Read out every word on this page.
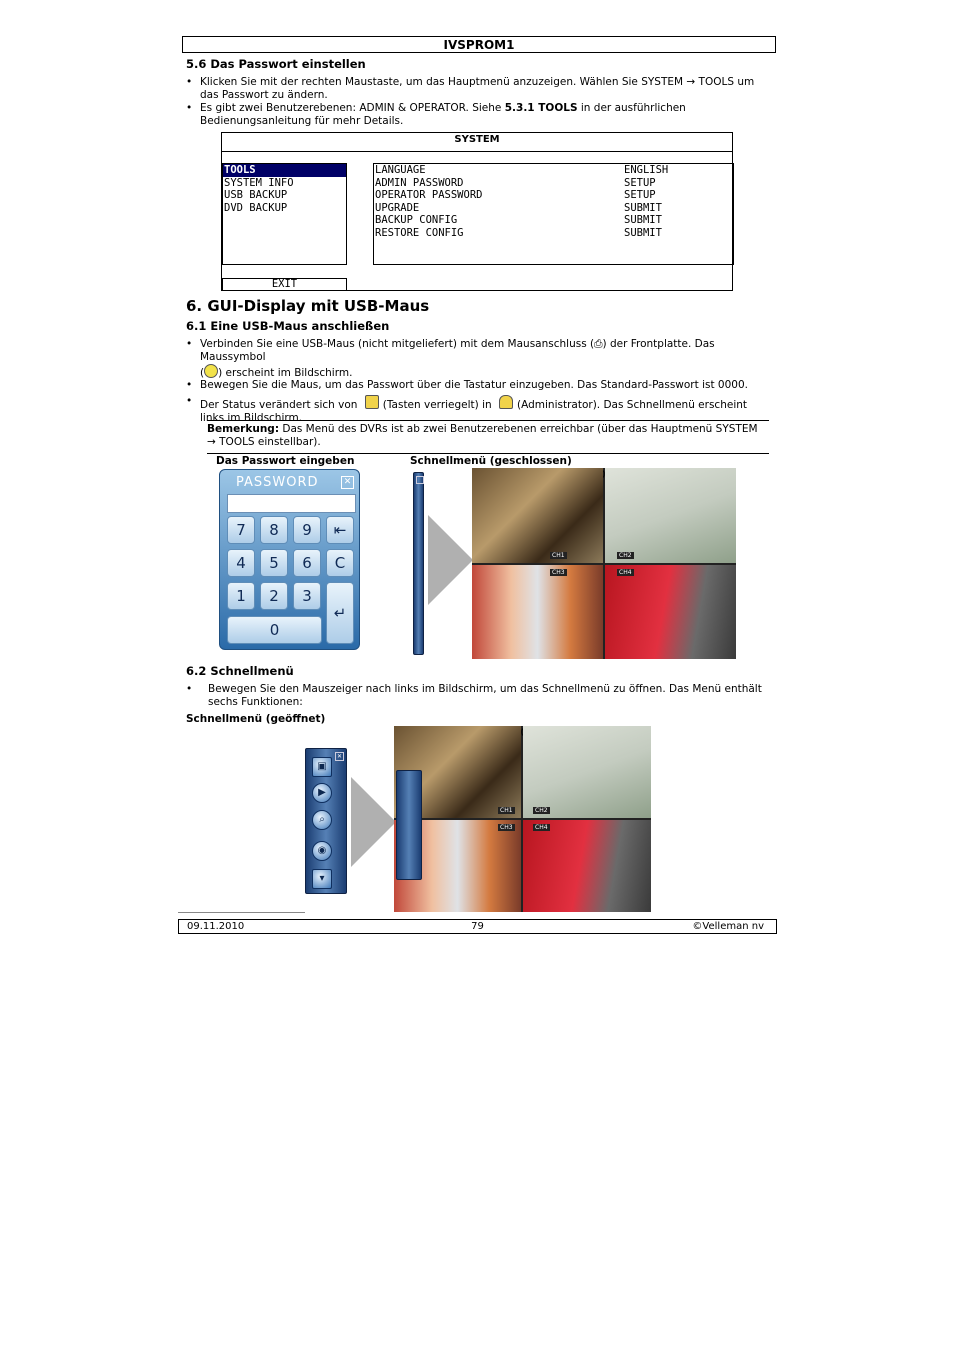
IVSPROM1
5.6 Das Passwort einstellen
• Klicken Sie mit der rechten Maustaste, um das Hauptmenü anzuzeigen. Wählen Sie SYSTEM → TOOLS um
das Passwort zu ändern.
• Es gibt zwei Benutzerebenen: ADMIN & OPERATOR. Siehe 5.3.1 TOOLS in der ausführlichen
Bedienungsanleitung für mehr Details.
SYSTEM
TOOLS
SYSTEM INFO
USB BACKUP
DVD BACKUP
LANGUAGE	ENGLISH
ADMIN PASSWORD	SETUP
OPERATOR PASSWORD	SETUP
UPGRADE	SUBMIT
BACKUP CONFIG	SUBMIT
RESTORE CONFIG	SUBMIT
EXIT
6. GUI-Display mit USB-Maus
6.1 Eine USB-Maus anschließen
• Verbinden Sie eine USB-Maus (nicht mitgeliefert) mit dem Mausanschluss (⎙) der Frontplatte. Das
Maussymbol
( ) erscheint im Bildschirm.
• Bewegen Sie die Maus, um das Passwort über die Tastatur einzugeben. Das Standard-Passwort ist 0000.
• Der Status verändert sich von (Tasten verriegelt) in (Administrator). Das Schnellmenü erscheint
links im Bildschirm.
Bemerkung: Das Menü des DVRs ist ab zwei Benutzerebenen erreichbar (über das Hauptmenü SYSTEM
→ TOOLS einstellbar).
Das Passwort eingeben	Schnellmenü (geschlossen)
PASSWORD	✕
7	8	9	⇤
4	5	6	C
1	2	3
0
↵
CH1	CH2
CH3	CH4
6.2 Schnellmenü
• Bewegen Sie den Mauszeiger nach links im Bildschirm, um das Schnellmenü zu öffnen. Das Menü enthält
sechs Funktionen:
Schnellmenü (geöffnet)
✕
▣
▶
⌕
◉
▾
CH1	CH2
CH3	CH4
09.11.2010	79	©Velleman nv
